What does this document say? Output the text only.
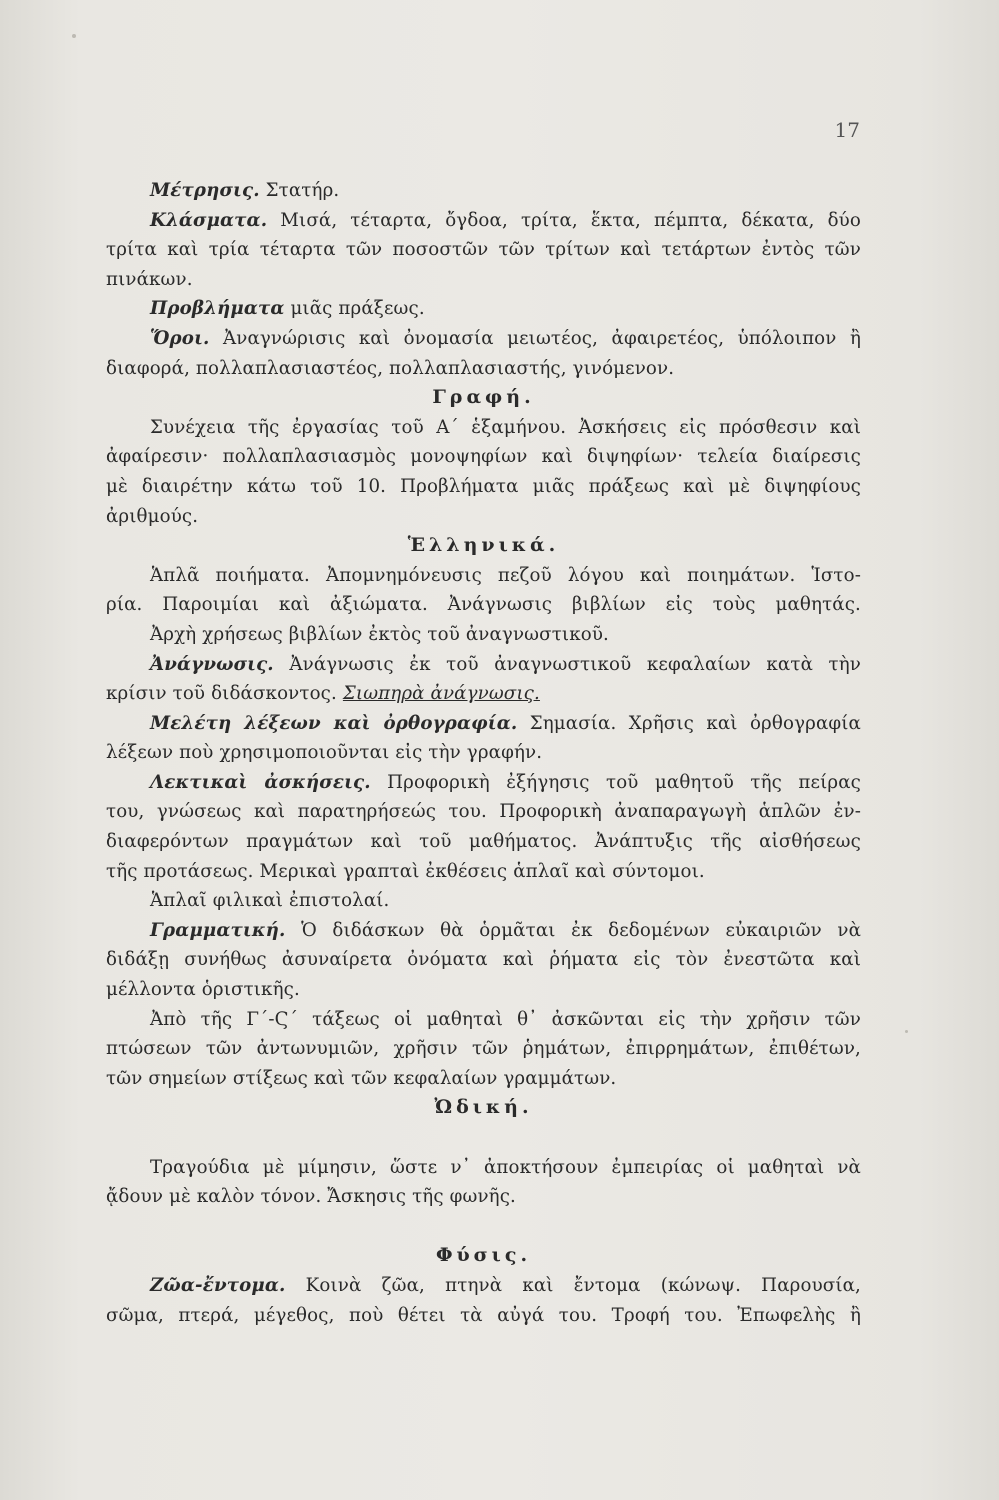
17
Μέτρησις. Στατήρ.
Κλάσματα. Μισά, τέταρτα, ὄγδοα, τρίτα, ἕκτα, πέμπτα, δέκατα, δύο
τρίτα καὶ τρία τέταρτα τῶν ποσοστῶν τῶν τρίτων καὶ τετάρτων ἐντὸς τῶν
πινάκων.
Προβλήματα μιᾶς πράξεως.
Ὅροι. Ἀναγνώρισις καὶ ὀνομασία μειωτέος, ἀφαιρετέος, ὑπόλοιπον ἢ
διαφορά, πολλαπλασιαστέος, πολλαπλασιαστής, γινόμενον.
Γραφή.
Συνέχεια τῆς ἐργασίας τοῦ Α΄ ἑξαμήνου. Ἀσκήσεις εἰς πρόσθεσιν καὶ
ἀφαίρεσιν· πολλαπλασιασμὸς μονοψηφίων καὶ διψηφίων· τελεία διαίρεσις
μὲ διαιρέτην κάτω τοῦ 10. Προβλήματα μιᾶς πράξεως καὶ μὲ διψηφίους
ἀριθμούς.
Ἑλληνικά.
Ἁπλᾶ ποιήματα. Ἀπομνημόνευσις πεζοῦ λόγου καὶ ποιημάτων. Ἱστο-
ρία. Παροιμίαι καὶ ἀξιώματα. Ἀνάγνωσις βιβλίων εἰς τοὺς μαθητάς.
Ἀρχὴ χρήσεως βιβλίων ἐκτὸς τοῦ ἀναγνωστικοῦ.
Ἀνάγνωσις. Ἀνάγνωσις ἐκ τοῦ ἀναγνωστικοῦ κεφαλαίων κατὰ τὴν
κρίσιν τοῦ διδάσκοντος. Σιωπηρὰ ἀνάγνωσις.
Μελέτη λέξεων καὶ ὀρθογραφία. Σημασία. Χρῆσις καὶ ὀρθογραφία
λέξεων ποὺ χρησιμοποιοῦνται εἰς τὴν γραφήν.
Λεκτικαὶ ἀσκήσεις. Προφορικὴ ἐξήγησις τοῦ μαθητοῦ τῆς πείρας
του, γνώσεως καὶ παρατηρήσεώς του. Προφορικὴ ἀναπαραγωγὴ ἁπλῶν ἐν-
διαφερόντων πραγμάτων καὶ τοῦ μαθήματος. Ἀνάπτυξις τῆς αἰσθήσεως
τῆς προτάσεως. Μερικαὶ γραπταὶ ἐκθέσεις ἁπλαῖ καὶ σύντομοι.
Ἁπλαῖ φιλικαὶ ἐπιστολαί.
Γραμματική. Ὁ διδάσκων θὰ ὁρμᾶται ἐκ δεδομένων εὐκαιριῶν νὰ
διδάξῃ συνήθως ἀσυναίρετα ὀνόματα καὶ ῥήματα εἰς τὸν ἐνεστῶτα καὶ
μέλλοντα ὁριστικῆς.
Ἀπὸ τῆς Γ΄-Ϛ΄ τάξεως οἱ μαθηταὶ θ᾽ ἀσκῶνται εἰς τὴν χρῆσιν τῶν
πτώσεων τῶν ἀντωνυμιῶν, χρῆσιν τῶν ῥημάτων, ἐπιρρημάτων, ἐπιθέτων,
τῶν σημείων στίξεως καὶ τῶν κεφαλαίων γραμμάτων.
Ὠδική.
Τραγούδια μὲ μίμησιν, ὥστε ν᾽ ἀποκτήσουν ἐμπειρίας οἱ μαθηταὶ νὰ
ᾄδουν μὲ καλὸν τόνον. Ἄσκησις τῆς φωνῆς.
Φύσις.
Ζῶα-ἔντομα. Κοινὰ ζῶα, πτηνὰ καὶ ἔντομα (κώνωψ. Παρουσία,
σῶμα, πτερά, μέγεθος, ποὺ θέτει τὰ αὐγά του. Τροφή του. Ἐπωφελὴς ἢ
